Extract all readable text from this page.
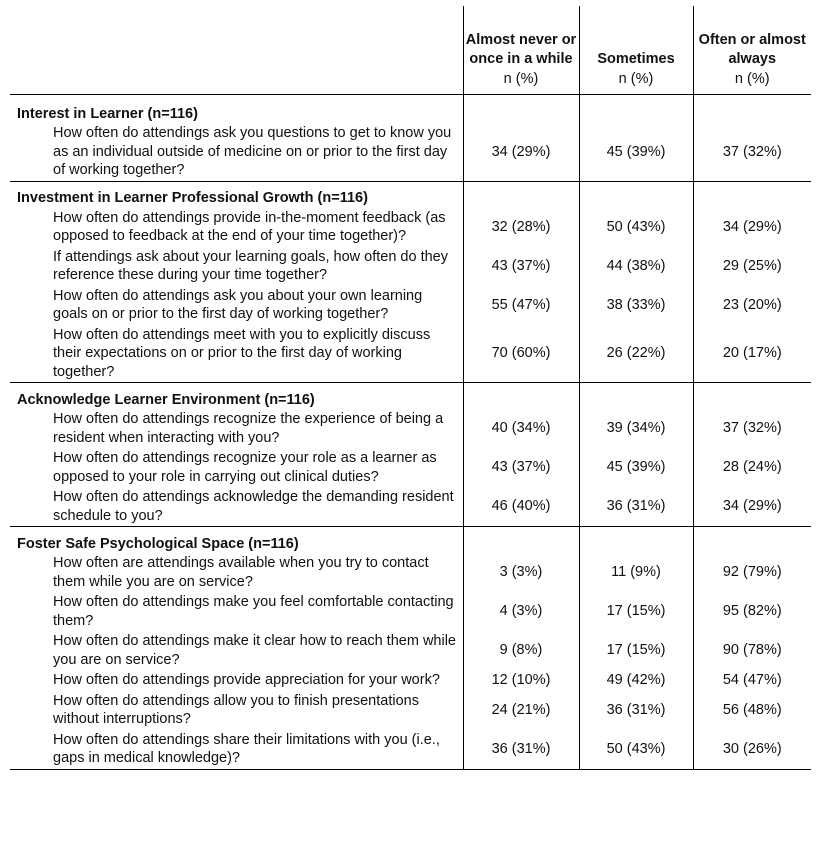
	Almost never or once in a while	Sometimes	Often or almost always
	n (%)	n (%)	n (%)
Interest in Learner (n=116)			
How often do attendings ask you questions to get to know you as an individual outside of medicine on or prior to the first day of working together?	34 (29%)	45 (39%)	37 (32%)
Investment in Learner Professional Growth (n=116)			
How often do attendings provide in-the-moment feedback (as opposed to feedback at the end of your time together)?	32 (28%)	50 (43%)	34 (29%)
If attendings ask about your learning goals, how often do they reference these during your time together?	43 (37%)	44 (38%)	29 (25%)
How often do attendings ask you about your own learning goals on or prior to the first day of working together?	55 (47%)	38 (33%)	23 (20%)
How often do attendings meet with you to explicitly discuss their expectations on or prior to the first day of working together?	70 (60%)	26 (22%)	20 (17%)
Acknowledge Learner Environment (n=116)			
How often do attendings recognize the experience of being a resident when interacting with you?	40 (34%)	39 (34%)	37 (32%)
How often do attendings recognize your role as a learner as opposed to your role in carrying out clinical duties?	43 (37%)	45 (39%)	28 (24%)
How often do attendings acknowledge the demanding resident schedule to you?	46 (40%)	36 (31%)	34 (29%)
Foster Safe Psychological Space (n=116)			
How often are attendings available when you try to contact them while you are on service?	3 (3%)	11 (9%)	92 (79%)
How often do attendings make you feel comfortable contacting them?	4 (3%)	17 (15%)	95 (82%)
How often do attendings make it clear how to reach them while you are on service?	9 (8%)	17 (15%)	90 (78%)
How often do attendings provide appreciation for your work?	12 (10%)	49 (42%)	54 (47%)
How often do attendings allow you to finish presentations without interruptions?	24 (21%)	36 (31%)	56 (48%)
How often do attendings share their limitations with you (i.e., gaps in medical knowledge)?	36 (31%)	50 (43%)	30 (26%)
